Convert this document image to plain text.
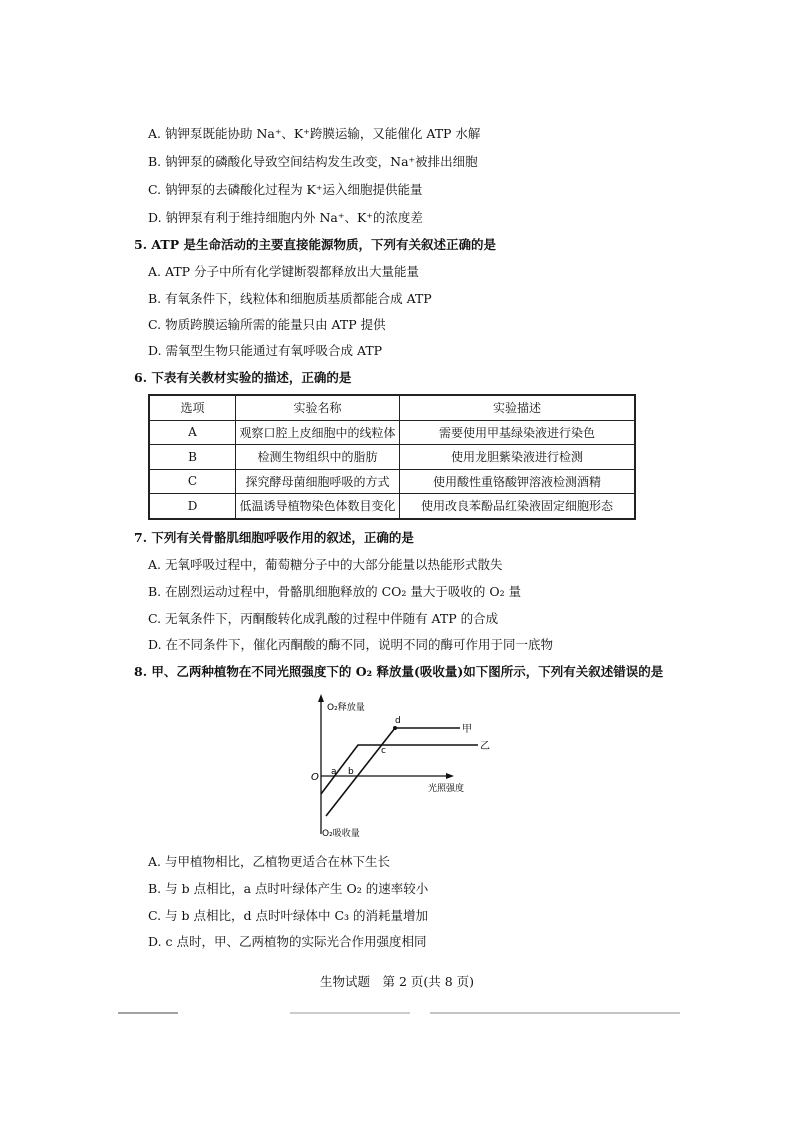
A. 钠钾泵既能协助 Na⁺、K⁺跨膜运输，又能催化 ATP 水解
B. 钠钾泵的磷酸化导致空间结构发生改变，Na⁺被排出细胞
C. 钠钾泵的去磷酸化过程为 K⁺运入细胞提供能量
D. 钠钾泵有利于维持细胞内外 Na⁺、K⁺的浓度差
5. ATP 是生命活动的主要直接能源物质，下列有关叙述正确的是
A. ATP 分子中所有化学键断裂都释放出大量能量
B. 有氧条件下，线粒体和细胞质基质都能合成 ATP
C. 物质跨膜运输所需的能量只由 ATP 提供
D. 需氧型生物只能通过有氧呼吸合成 ATP
6. 下表有关教材实验的描述，正确的是
选项	实验名称	实验描述
A	观察口腔上皮细胞中的线粒体	需要使用甲基绿染液进行染色
B	检测生物组织中的脂肪	使用龙胆紫染液进行检测
C	探究酵母菌细胞呼吸的方式	使用酸性重铬酸钾溶液检测酒精
D	低温诱导植物染色体数目变化	使用改良苯酚品红染液固定细胞形态
7. 下列有关骨骼肌细胞呼吸作用的叙述，正确的是
A. 无氧呼吸过程中，葡萄糖分子中的大部分能量以热能形式散失
B. 在剧烈运动过程中，骨骼肌细胞释放的 CO₂ 量大于吸收的 O₂ 量
C. 无氧条件下，丙酮酸转化成乳酸的过程中伴随有 ATP 的合成
D. 在不同条件下，催化丙酮酸的酶不同，说明不同的酶可作用于同一底物
8. 甲、乙两种植物在不同光照强度下的 O₂ 释放量(吸收量)如下图所示，下列有关叙述错误的是
O₂释放量
O₂吸收量
光照强度
O a b
c
d
甲
乙
A. 与甲植物相比，乙植物更适合在林下生长
B. 与 b 点相比，a 点时叶绿体产生 O₂ 的速率较小
C. 与 b 点相比，d 点时叶绿体中 C₃ 的消耗量增加
D. c 点时，甲、乙两植物的实际光合作用强度相同
生物试题　第 2 页(共 8 页)
